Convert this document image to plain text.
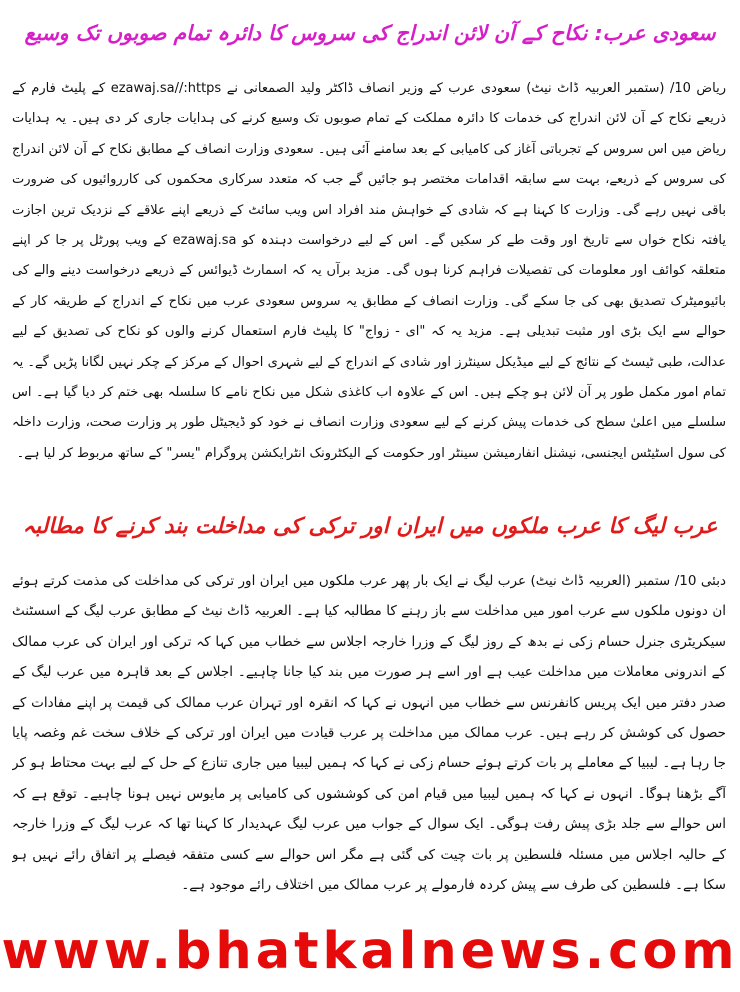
سعودی عرب: نکاح کے آن لائن اندراج کی سروس کا دائرہ تمام صوبوں تک وسیع

ریاض 10/ (ستمبر العربیہ ڈاٹ نیٹ) سعودی عرب کے وزیر انصاف ڈاکٹر ولید الصمعانی نے ezawaj.sa//:https کے پلیٹ فارم کے ذریعے نکاح کے آن لائن اندراج کی خدمات کا دائرہ مملکت کے تمام صوبوں تک وسیع کرنے کی ہدایات جاری کر دی ہیں۔ یہ ہدایات ریاض میں اس سروس کے تجرباتی آغاز کی کامیابی کے بعد سامنے آئی ہیں۔ سعودی وزارت انصاف کے مطابق نکاح کے آن لائن اندراج کی سروس کے ذریعے، بہت سے سابقہ اقدامات مختصر ہو جائیں گے جب کہ متعدد سرکاری محکموں کی کارروائیوں کی ضرورت باقی نہیں رہے گی۔ وزارت کا کہنا ہے کہ شادی کے خواہش مند افراد اس ویب سائٹ کے ذریعے اپنے علاقے کے نزدیک ترین اجازت یافتہ نکاح خواں سے تاریخ اور وقت طے کر سکیں گے۔ اس کے لیے درخواست دہندہ کو ezawaj.sa کے ویب پورٹل پر جا کر اپنے متعلقہ کوائف اور معلومات کی تفصیلات فراہم کرنا ہوں گی۔ مزید برآں یہ کہ اسمارٹ ڈیوائس کے ذریعے درخواست دینے والے کی بائیومیٹرک تصدیق بھی کی جا سکے گی۔ وزارت انصاف کے مطابق یہ سروس سعودی عرب میں نکاح کے اندراج کے طریقہ کار کے حوالے سے ایک بڑی اور مثبت تبدیلی ہے۔ مزید یہ کہ "ای - زواج" کا پلیٹ فارم استعمال کرنے والوں کو نکاح کی تصدیق کے لیے عدالت، طبی ٹیسٹ کے نتائج کے لیے میڈیکل سینٹرز اور شادی کے اندراج کے لیے شہری احوال کے مرکز کے چکر نہیں لگانا پڑیں گے۔ یہ تمام امور مکمل طور پر آن لائن ہو چکے ہیں۔ اس کے علاوہ اب کاغذی شکل میں نکاح نامے کا سلسلہ بھی ختم کر دیا گیا ہے۔ اس سلسلے میں اعلیٰ سطح کی خدمات پیش کرنے کے لیے سعودی وزارت انصاف نے خود کو ڈیجیٹل طور پر وزارت صحت، وزارت داخلہ کی سول اسٹیٹس ایجنسی، نیشنل انفارمیشن سینٹر اور حکومت کے الیکٹرونک انٹرایکشن پروگرام "یسر" کے ساتھ مربوط کر لیا ہے۔

عرب لیگ کا عرب ملکوں میں ایران اور ترکی کی مداخلت بند کرنے کا مطالبہ

دبئی 10/ ستمبر (العربیہ ڈاٹ نیٹ) عرب لیگ نے ایک بار پھر عرب ملکوں میں ایران اور ترکی کی مداخلت کی مذمت کرتے ہوئے ان دونوں ملکوں سے عرب امور میں مداخلت سے باز رہنے کا مطالبہ کیا ہے۔ العربیہ ڈاٹ نیٹ کے مطابق عرب لیگ کے اسسٹنٹ سیکریٹری جنرل حسام زکی نے بدھ کے روز لیگ کے وزرا خارجہ اجلاس سے خطاب میں کہا کہ ترکی اور ایران کی عرب ممالک کے اندرونی معاملات میں مداخلت عیب ہے اور اسے ہر صورت میں بند کیا جانا چاہیے۔ اجلاس کے بعد قاہرہ میں عرب لیگ کے صدر دفتر میں ایک پریس کانفرنس سے خطاب میں انہوں نے کہا کہ انقرہ اور تہران عرب ممالک کی قیمت پر اپنے مفادات کے حصول کی کوشش کر رہے ہیں۔ عرب ممالک میں مداخلت پر عرب قیادت میں ایران اور ترکی کے خلاف سخت غم وغصہ پایا جا رہا ہے۔ لیبیا کے معاملے پر بات کرتے ہوئے حسام زکی نے کہا کہ ہمیں لیبیا میں جاری تنازع کے حل کے لیے بہت محتاط ہو کر آگے بڑھنا ہوگا۔ انہوں نے کہا کہ ہمیں لیبیا میں قیام امن کی کوششوں کی کامیابی پر مایوس نہیں ہونا چاہیے۔ توقع ہے کہ اس حوالے سے جلد بڑی پیش رفت ہوگی۔ ایک سوال کے جواب میں عرب لیگ عہدیدار کا کہنا تھا کہ عرب لیگ کے وزرا خارجہ کے حالیہ اجلاس میں مسئلہ فلسطین پر بات چیت کی گئی ہے مگر اس حوالے سے کسی متفقہ فیصلے پر اتفاق رائے نہیں ہو سکا ہے۔ فلسطین کی طرف سے پیش کردہ فارمولے پر عرب ممالک میں اختلاف رائے موجود ہے۔

www.bhatkalnews.com
